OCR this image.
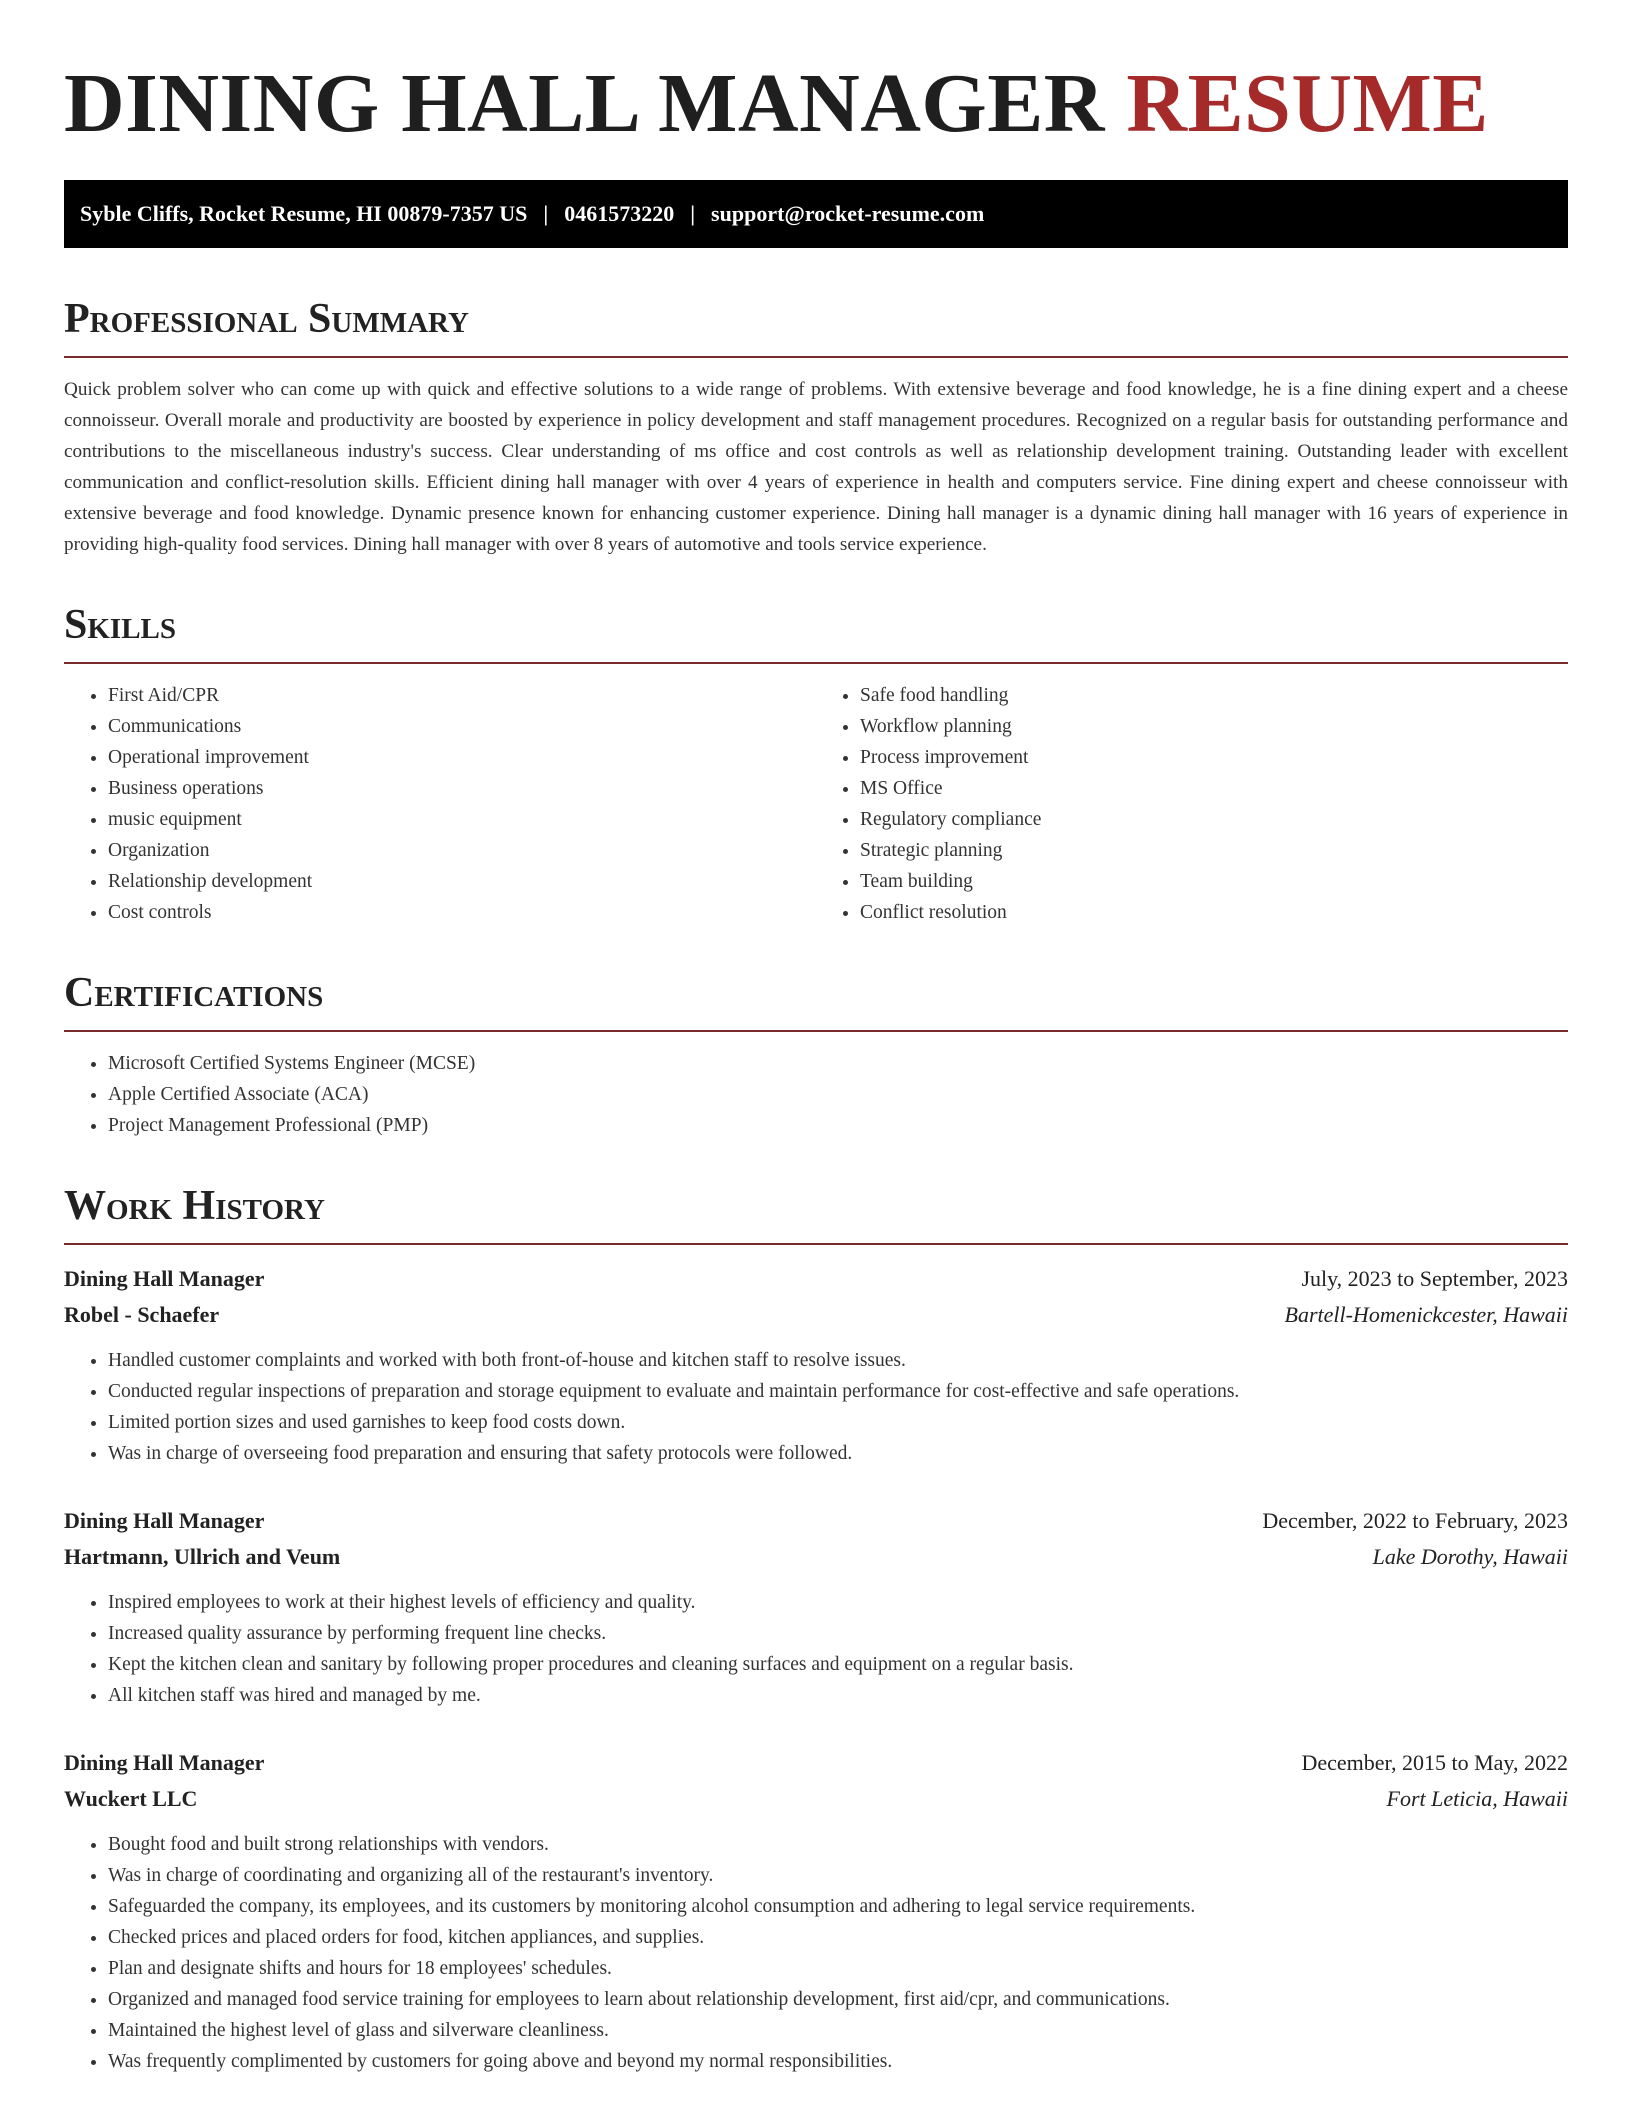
DINING HALL MANAGER RESUME
Syble Cliffs, Rocket Resume, HI 00879-7357 US | 0461573220 | support@rocket-resume.com
Professional Summary

Quick problem solver who can come up with quick and effective solutions to a wide range of problems. With extensive beverage and food knowledge, he is a fine dining expert and a cheese connoisseur. Overall morale and productivity are boosted by experience in policy development and staff management procedures. Recognized on a regular basis for outstanding performance and contributions to the miscellaneous industry's success. Clear understanding of ms office and cost controls as well as relationship development training. Outstanding leader with excellent communication and conflict-resolution skills. Efficient dining hall manager with over 4 years of experience in health and computers service. Fine dining expert and cheese connoisseur with extensive beverage and food knowledge. Dynamic presence known for enhancing customer experience. Dining hall manager is a dynamic dining hall manager with 16 years of experience in providing high-quality food services. Dining hall manager with over 8 years of automotive and tools service experience.

Skills
• First Aid/CPR
• Communications
• Operational improvement
• Business operations
• music equipment
• Organization
• Relationship development
• Cost controls
• Safe food handling
• Workflow planning
• Process improvement
• MS Office
• Regulatory compliance
• Strategic planning
• Team building
• Conflict resolution
Certifications
• Microsoft Certified Systems Engineer (MCSE)
• Apple Certified Associate (ACA)
• Project Management Professional (PMP)
Work History
Dining Hall Manager	July, 2023 to September, 2023
Robel - Schaefer	Bartell-Homenickcester, Hawaii
• Handled customer complaints and worked with both front-of-house and kitchen staff to resolve issues.
• Conducted regular inspections of preparation and storage equipment to evaluate and maintain performance for cost-effective and safe operations.
• Limited portion sizes and used garnishes to keep food costs down.
• Was in charge of overseeing food preparation and ensuring that safety protocols were followed.
Dining Hall Manager	December, 2022 to February, 2023
Hartmann, Ullrich and Veum	Lake Dorothy, Hawaii
• Inspired employees to work at their highest levels of efficiency and quality.
• Increased quality assurance by performing frequent line checks.
• Kept the kitchen clean and sanitary by following proper procedures and cleaning surfaces and equipment on a regular basis.
• All kitchen staff was hired and managed by me.
Dining Hall Manager	December, 2015 to May, 2022
Wuckert LLC	Fort Leticia, Hawaii
• Bought food and built strong relationships with vendors.
• Was in charge of coordinating and organizing all of the restaurant's inventory.
• Safeguarded the company, its employees, and its customers by monitoring alcohol consumption and adhering to legal service requirements.
• Checked prices and placed orders for food, kitchen appliances, and supplies.
• Plan and designate shifts and hours for 18 employees' schedules.
• Organized and managed food service training for employees to learn about relationship development, first aid/cpr, and communications.
• Maintained the highest level of glass and silverware cleanliness.
• Was frequently complimented by customers for going above and beyond my normal responsibilities.
